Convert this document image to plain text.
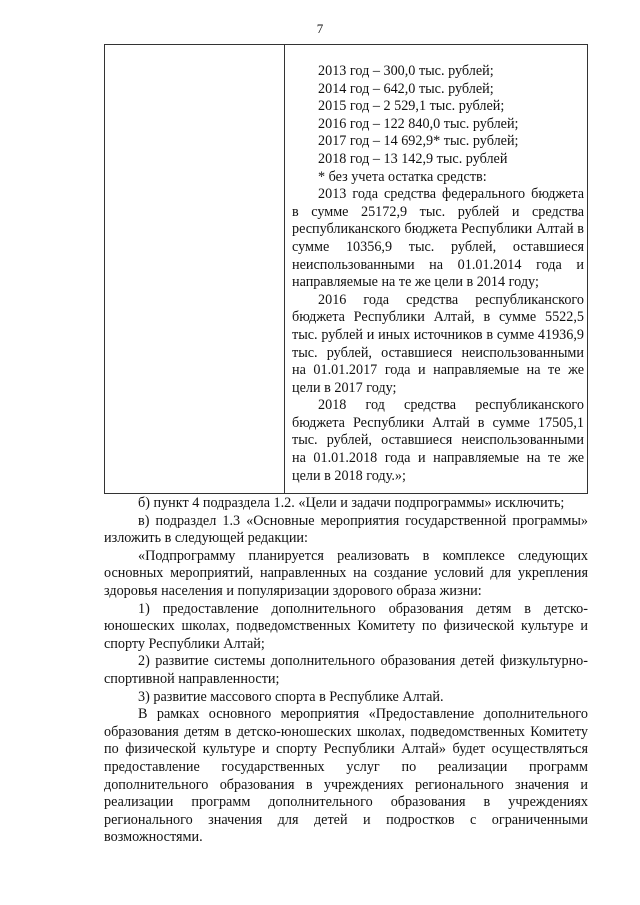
7

2013 год – 300,0 тыс. рублей;

2014 год – 642,0 тыс. рублей;

2015 год – 2 529,1 тыс. рублей;

2016 год – 122 840,0 тыс. рублей;

2017 год – 14 692,9* тыс. рублей;

2018 год – 13 142,9 тыс. рублей

* без учета остатка средств:

2013 года средства федерального бюджета в сумме 25172,9 тыс. рублей и средства республиканского бюджета Республики Алтай в сумме 10356,9 тыс. рублей, оставшиеся неиспользованными на 01.01.2014 года и направляемые на те же цели в 2014 году;

2016 года средства республиканского бюджета Республики Алтай, в сумме 5522,5 тыс. рублей и иных источников в сумме 41936,9 тыс. рублей, оставшиеся неиспользованными на 01.01.2017 года и направляемые на те же цели в 2017 году;

2018 год средства республиканского бюджета Республики Алтай в сумме 17505,1 тыс. рублей, оставшиеся неиспользованными на 01.01.2018 года и направляемые на те же цели в 2018 году.»;

б) пункт 4 подраздела 1.2. «Цели и задачи подпрограммы» исключить;

в) подраздел 1.3 «Основные мероприятия государственной программы» изложить в следующей редакции:

«Подпрограмму планируется реализовать в комплексе следующих основных мероприятий, направленных на создание условий для укрепления здоровья населения и популяризации здорового образа жизни:

1) предоставление дополнительного образования детям в детско-юношеских школах, подведомственных Комитету по физической культуре и спорту Республики Алтай;

2) развитие системы дополнительного образования детей физкультурно-спортивной направленности;

3) развитие массового спорта в Республике Алтай.

В рамках основного мероприятия «Предоставление дополнительного образования детям в детско-юношеских школах, подведомственных Комитету по физической культуре и спорту Республики Алтай» будет осуществляться предоставление государственных услуг по реализации программ дополнительного образования в учреждениях регионального значения и реализации программ дополнительного образования в учреждениях регионального значения для детей и подростков с ограниченными возможностями.
